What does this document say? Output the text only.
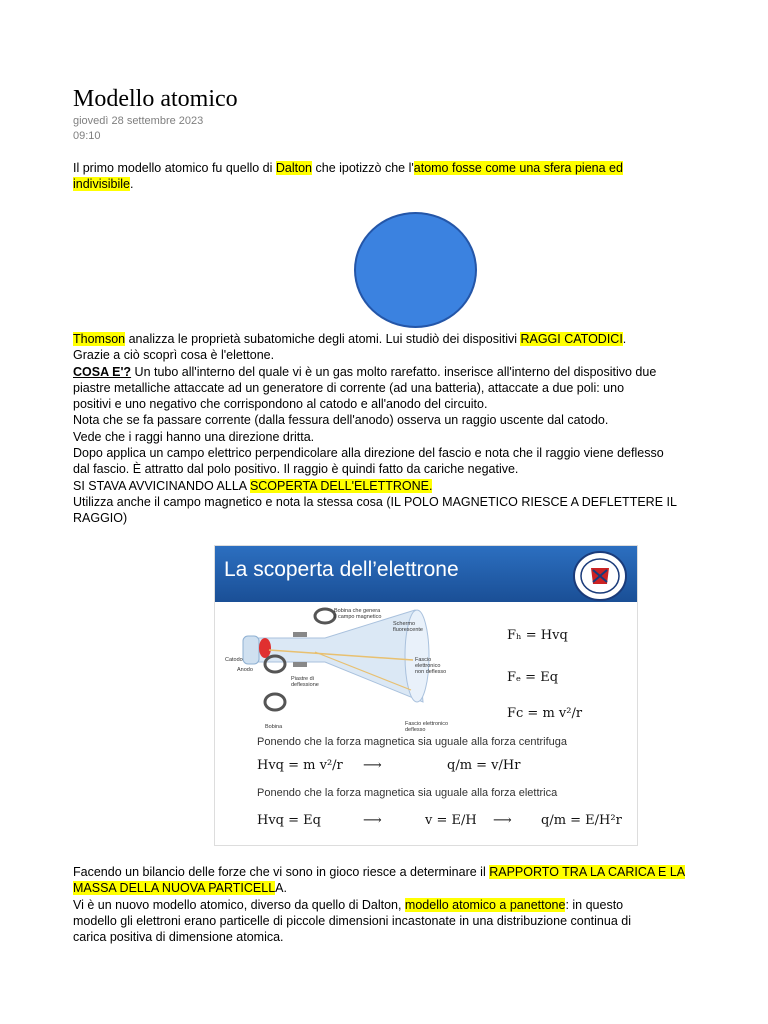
Modello atomico
giovedì 28 settembre 2023
09:10
Il primo modello atomico fu quello di Dalton che ipotizzò che l'atomo fosse come una sfera piena ed
indivisibile.
Thomson analizza le proprietà subatomiche degli atomi. Lui studiò dei dispositivi RAGGI CATODICI.
Grazie a ciò scoprì cosa è l'elettone.
COSA E'? Un tubo all'interno del quale vi è un gas molto rarefatto. inserisce all'interno del dispositivo due
piastre metalliche attaccate ad un generatore di corrente (ad una batteria), attaccate a due poli: uno
positivi e uno negativo che corrispondono al catodo e all'anodo del circuito.
Nota che se fa passare corrente (dalla fessura dell'anodo) osserva un raggio uscente dal catodo.
Vede che i raggi hanno una direzione dritta.
Dopo applica un campo elettrico perpendicolare alla direzione del fascio e nota che il raggio viene deflesso
dal fascio. È attratto dal polo positivo. Il raggio è quindi fatto da cariche negative.
SI STAVA AVVICINANDO ALLA SCOPERTA DELL'ELETTRONE.
Utilizza anche il campo magnetico e nota la stessa cosa (IL POLO MAGNETICO RIESCE A DEFLETTERE IL
RAGGIO)
La scoperta dell’elettrone
Bobina che genera
il campo magnetico
Schermo
fluorescente
Fascio
elettronico
non deflesso
Catodo
Anodo
Piastre di
deflessione
Bobina	Fascio elettronico
deflesso
Fₕ = Hvq
Fₑ = Eq
Fc = m v²/r
Ponendo che la forza magnetica sia uguale alla forza centrifuga
Hvq = m v²/r ⟶	q/m = v/Hr
Ponendo che la forza magnetica sia uguale alla forza elettrica
Hvq = Eq	⟶	v = E/H ⟶ q/m = E/H²r
Facendo un bilancio delle forze che vi sono in gioco riesce a determinare il RAPPORTO TRA LA CARICA E LA
MASSA DELLA NUOVA PARTICELLA.
Vi è un nuovo modello atomico, diverso da quello di Dalton, modello atomico a panettone: in questo
modello gli elettroni erano particelle di piccole dimensioni incastonate in una distribuzione continua di
carica positiva di dimensione atomica.
